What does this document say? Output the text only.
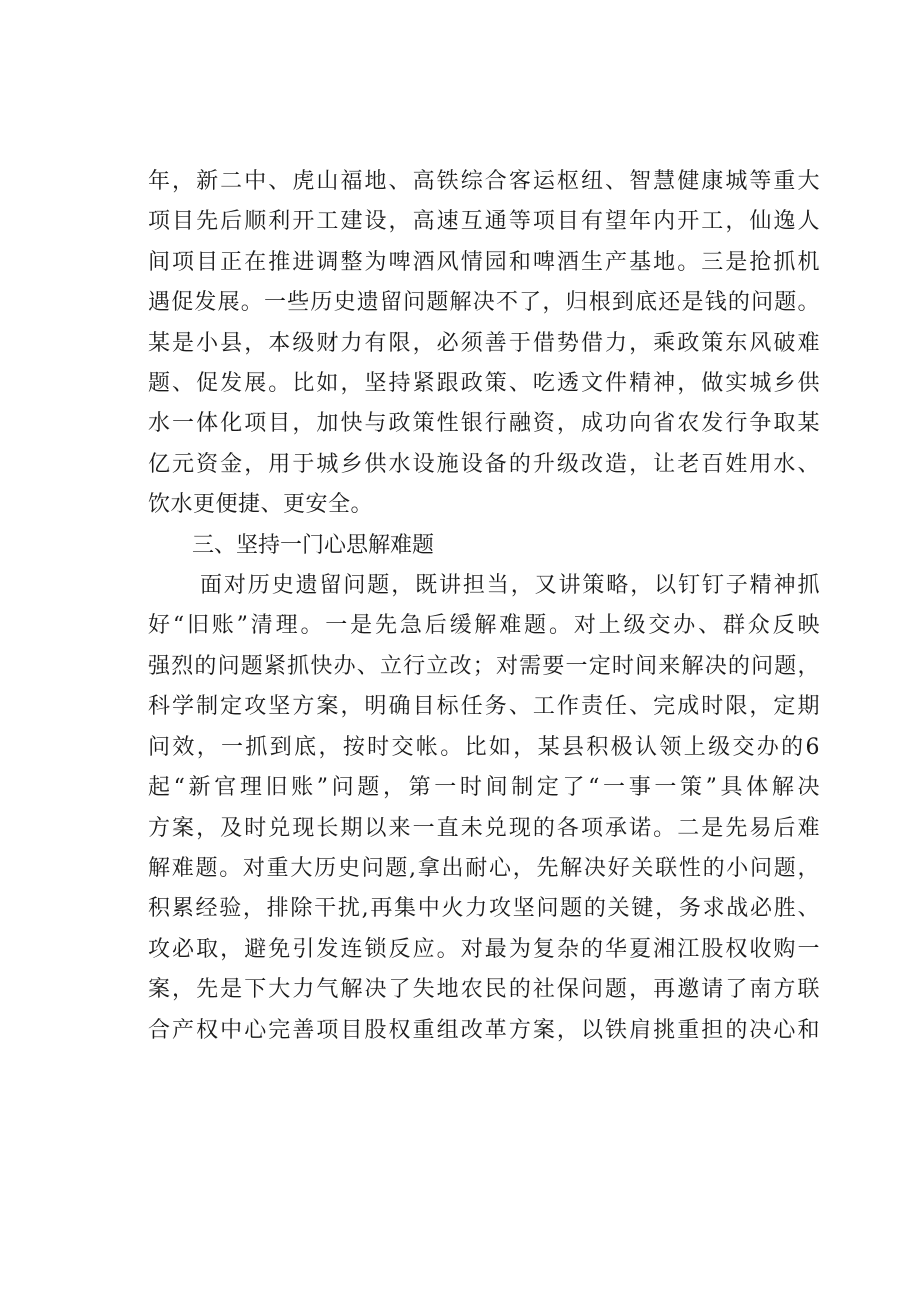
年，新二中、虎山福地、高铁综合客运枢纽、智慧健康城等重大
项目先后顺利开工建设，高速互通等项目有望年内开工，仙逸人
间项目正在推进调整为啤酒风情园和啤酒生产基地。三是抢抓机
遇促发展。一些历史遗留问题解决不了，归根到底还是钱的问题。
某是小县，本级财力有限，必须善于借势借力，乘政策东风破难
题、促发展。比如，坚持紧跟政策、吃透文件精神，做实城乡供
水一体化项目，加快与政策性银行融资，成功向省农发行争取某
亿元资金，用于城乡供水设施设备的升级改造，让老百姓用水、
饮水更便捷、更安全。
三、坚持一门心思解难题
面对历史遗留问题，既讲担当，又讲策略，以钉钉子精神抓
好“旧账”清理。一是先急后缓解难题。对上级交办、群众反映
强烈的问题紧抓快办、立行立改；对需要一定时间来解决的问题，
科学制定攻坚方案，明确目标任务、工作责任、完成时限，定期
问效，一抓到底，按时交帐。比如，某县积极认领上级交办的6
起“新官理旧账”问题，第一时间制定了“一事一策”具体解决
方案，及时兑现长期以来一直未兑现的各项承诺。二是先易后难
解难题。对重大历史问题,拿出耐心，先解决好关联性的小问题，
积累经验，排除干扰,再集中火力攻坚问题的关键，务求战必胜、
攻必取，避免引发连锁反应。对最为复杂的华夏湘江股权收购一
案，先是下大力气解决了失地农民的社保问题，再邀请了南方联
合产权中心完善项目股权重组改革方案，以铁肩挑重担的决心和
